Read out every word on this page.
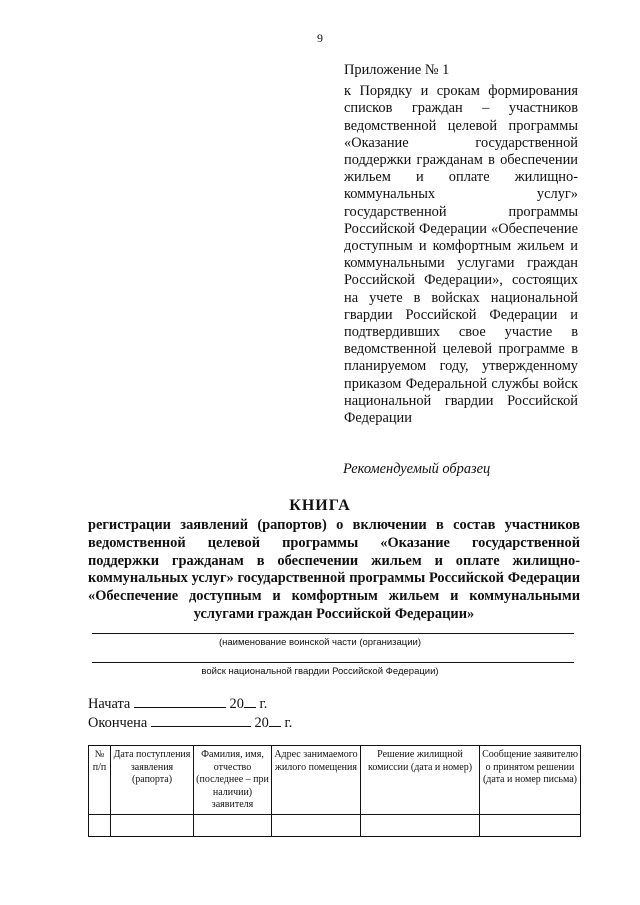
9

Приложение № 1

к Порядку и срокам формирования списков граждан – участников ведомственной целевой программы «Оказание государственной поддержки гражданам в обеспечении жильем и оплате жилищно-коммунальных услуг» государственной программы Российской Федерации «Обеспечение доступным и комфортным жильем и коммунальными услугами граждан Российской Федерации», состоящих на учете в войсках национальной гвардии Российской Федерации и подтвердивших свое участие в ведомственной целевой программе в планируемом году, утвержденному приказом Федеральной службы войск национальной гвардии Российской Федерации

Рекомендуемый образец
КНИГА

регистрации заявлений (рапортов) о включении в состав участников ведомственной целевой программы «Оказание государственной поддержки гражданам в обеспечении жильем и оплате жилищно-коммунальных услуг» государственной программы Российской Федерации «Обеспечение доступным и комфортным жильем и коммунальными услугами граждан Российской Федерации»

(наименование воинской части (организации)
войск национальной гвардии Российской Федерации)
Начата	20 г.
Окончена	20 г.
№ п/п	Дата поступления заявления (рапорта)	Фамилия, имя, отчество (последнее – при наличии) заявителя	Адрес занимаемого жилого помещения	Решение жилищной комиссии (дата и номер)	Сообщение заявителю о принятом решении (дата и номер письма)
